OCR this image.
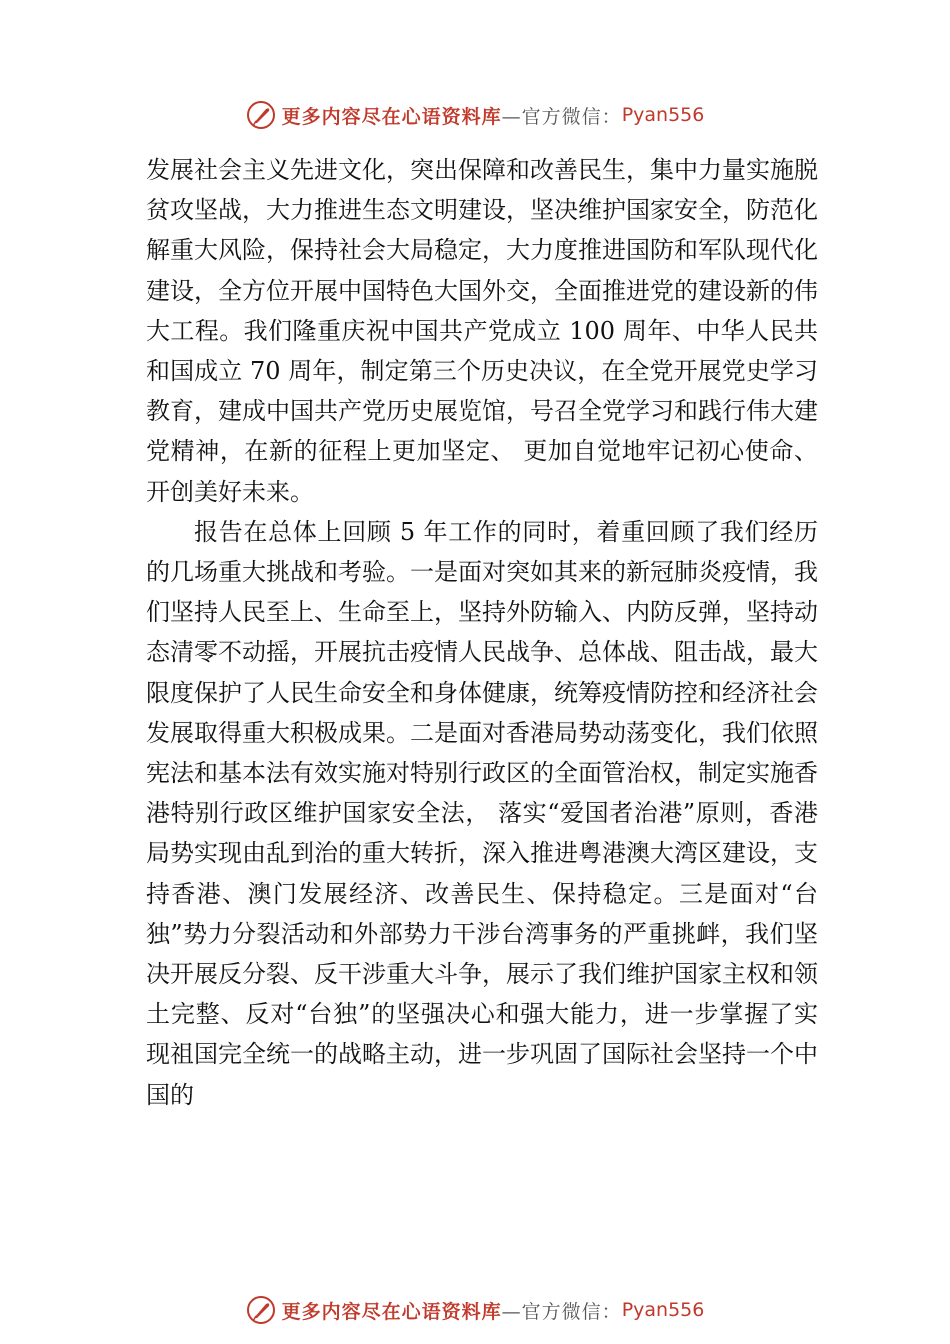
更多内容尽在心语资料库 —官方微信： Pyan556

发展社会主义先进文化，突出保障和改善民生，集中力量实施脱贫攻坚战，大力推进生态文明建设，坚决维护国家安全，防范化解重大风险，保持社会大局稳定，大力度推进国防和军队现代化建设，全方位开展中国特色大国外交，全面推进党的建设新的伟大工程。我们隆重庆祝中国共产党成立 100 周年、中华人民共和国成立 70 周年，制定第三个历史决议，在全党开展党史学习教育，建成中国共产党历史展览馆，号召全党学习和践行伟大建党精神，在新的征程上更加坚定、 更加自觉地牢记初心使命、开创美好未来。

报告在总体上回顾 5 年工作的同时，着重回顾了我们经历的几场重大挑战和考验。一是面对突如其来的新冠肺炎疫情，我们坚持人民至上、生命至上，坚持外防输入、内防反弹，坚持动态清零不动摇，开展抗击疫情人民战争、总体战、阻击战，最大限度保护了人民生命安全和身体健康，统筹疫情防控和经济社会发展取得重大积极成果。二是面对香港局势动荡变化，我们依照宪法和基本法有效实施对特别行政区的全面管治权，制定实施香港特别行政区维护国家安全法， 落实“爱国者治港”原则，香港局势实现由乱到治的重大转折，深入推进粤港澳大湾区建设，支持香港、澳门发展经济、改善民生、保持稳定。三是面对“台独”势力分裂活动和外部势力干涉台湾事务的严重挑衅，我们坚决开展反分裂、反干涉重大斗争，展示了我们维护国家主权和领土完整、反对“台独”的坚强决心和强大能力，进一步掌握了实现祖国完全统一的战略主动，进一步巩固了国际社会坚持一个中国的

更多内容尽在心语资料库 —官方微信： Pyan556
